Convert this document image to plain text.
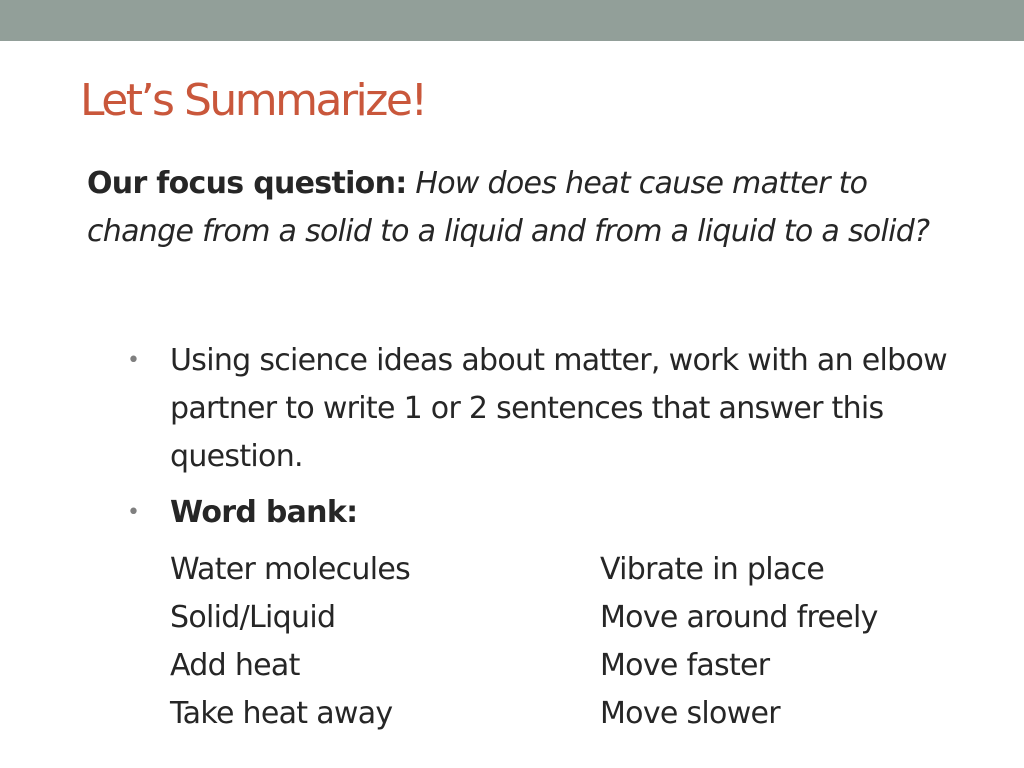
Let’s Summarize!

Our focus question: How does heat cause matter to change from a solid to a liquid and from a liquid to a solid?

• Using science ideas about matter, work with an elbow partner to write 1 or 2 sentences that answer this question.
• Word bank:
Water molecules
Solid/Liquid
Add heat
Take heat away
Vibrate in place
Move around freely
Move faster
Move slower
